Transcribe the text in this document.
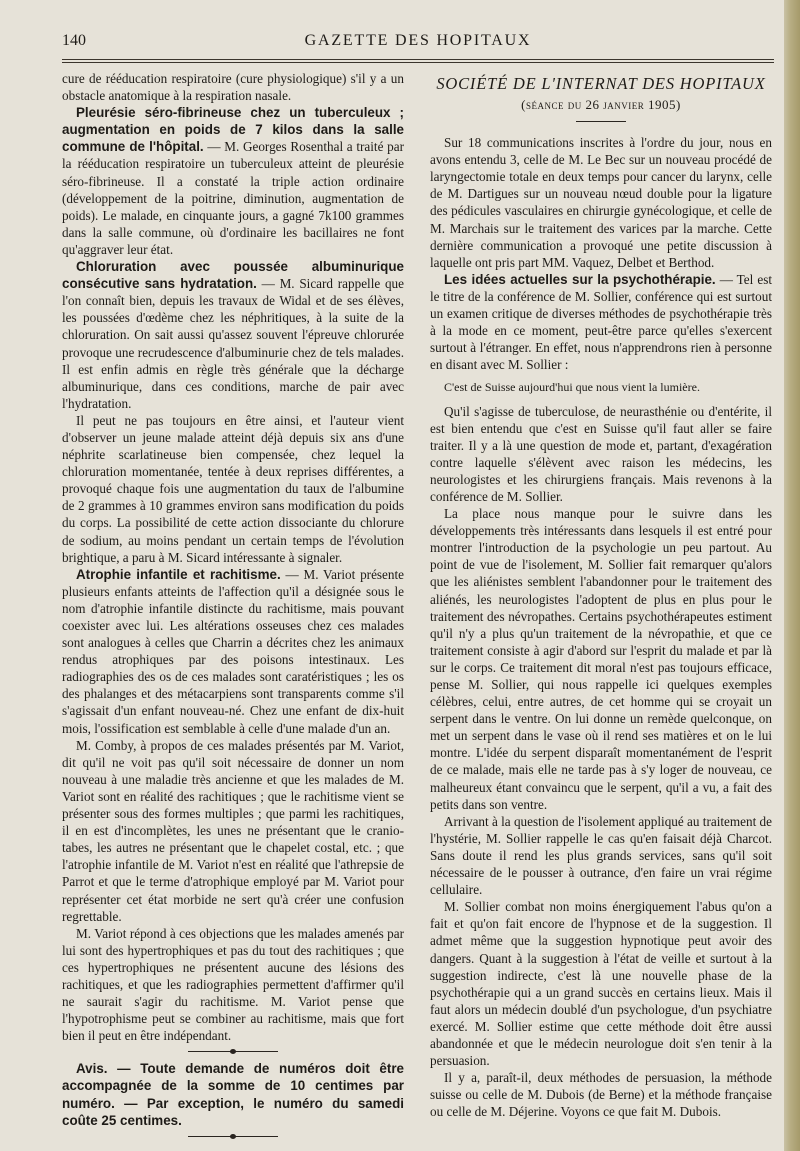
140	GAZETTE DES HOPITAUX

cure de rééducation respiratoire (cure physiologique) s'il y a un obstacle anatomique à la respiration nasale.

Pleurésie séro-fibrineuse chez un tuberculeux ; augmentation en poids de 7 kilos dans la salle commune de l'hôpital. — M. Georges Rosenthal a traité par la rééducation respiratoire un tuberculeux atteint de pleurésie séro-fibrineuse. Il a constaté la triple action ordinaire (développement de la poitrine, diminution, augmentation de poids). Le malade, en cinquante jours, a gagné 7k100 grammes dans la salle commune, où d'ordinaire les bacillaires ne font qu'aggraver leur état.

Chloruration avec poussée albuminurique consécutive sans hydratation. — M. Sicard rappelle que l'on connaît bien, depuis les travaux de Widal et de ses élèves, les poussées d'œdème chez les néphritiques, à la suite de la chloruration. On sait aussi qu'assez souvent l'épreuve chlorurée provoque une recrudescence d'albuminurie chez de tels malades. Il est enfin admis en règle très générale que la décharge albuminurique, dans ces conditions, marche de pair avec l'hydratation.

Il peut ne pas toujours en être ainsi, et l'auteur vient d'observer un jeune malade atteint déjà depuis six ans d'une néphrite scarlatineuse bien compensée, chez lequel la chloruration momentanée, tentée à deux reprises différentes, a provoqué chaque fois une augmentation du taux de l'albumine de 2 grammes à 10 grammes environ sans modification du poids du corps. La possibilité de cette action dissociante du chlorure de sodium, au moins pendant un certain temps de l'évolution brightique, a paru à M. Sicard intéressante à signaler.

Atrophie infantile et rachitisme. — M. Variot présente plusieurs enfants atteints de l'affection qu'il a désignée sous le nom d'atrophie infantile distincte du rachitisme, mais pouvant coexister avec lui. Les altérations osseuses chez ces malades sont analogues à celles que Charrin a décrites chez les animaux rendus atrophiques par des poisons intestinaux. Les radiographies des os de ces malades sont caratéristiques ; les os des phalanges et des métacarpiens sont transparents comme s'il s'agissait d'un enfant nouveau-né. Chez une enfant de dix-huit mois, l'ossification est semblable à celle d'une malade d'un an.

M. Comby, à propos de ces malades présentés par M. Variot, dit qu'il ne voit pas qu'il soit nécessaire de donner un nom nouveau à une maladie très ancienne et que les malades de M. Variot sont en réalité des rachitiques ; que le rachitisme vient se présenter sous des formes multiples ; que parmi les rachitiques, il en est d'incomplètes, les unes ne présentant que le cranio-tabes, les autres ne présentant que le chapelet costal, etc. ; que l'atrophie infantile de M. Variot n'est en réalité que l'athrepsie de Parrot et que le terme d'atrophique employé par M. Variot pour représenter cet état morbide ne sert qu'à créer une confusion regrettable.

M. Variot répond à ces objections que les malades amenés par lui sont des hypertrophiques et pas du tout des rachitiques ; que ces hypertrophiques ne présentent aucune des lésions des rachitiques, et que les radiographies permettent d'affirmer qu'il ne saurait s'agir du rachitisme. M. Variot pense que l'hypotrophisme peut se combiner au rachitisme, mais que fort bien il peut en être indépendant.

Avis. — Toute demande de numéros doit être accompagnée de la somme de 10 centimes par numéro. — Par exception, le numéro du samedi coûte 25 centimes.

SOCIÉTÉ DE L'INTERNAT DES HOPITAUX
(séance du 26 janvier 1905)

Sur 18 communications inscrites à l'ordre du jour, nous en avons entendu 3, celle de M. Le Bec sur un nouveau procédé de laryngectomie totale en deux temps pour cancer du larynx, celle de M. Dartigues sur un nouveau nœud double pour la ligature des pédicules vasculaires en chirurgie gynécologique, et celle de M. Marchais sur le traitement des varices par la marche. Cette dernière communication a provoqué une petite discussion à laquelle ont pris part MM. Vaquez, Delbet et Berthod.

Les idées actuelles sur la psychothérapie. — Tel est le titre de la conférence de M. Sollier, conférence qui est surtout un examen critique de diverses méthodes de psychothérapie très à la mode en ce moment, peut-être parce qu'elles s'exercent surtout à l'étranger. En effet, nous n'apprendrons rien à personne en disant avec M. Sollier :

C'est de Suisse aujourd'hui que nous vient la lumière.

Qu'il s'agisse de tuberculose, de neurasthénie ou d'entérite, il est bien entendu que c'est en Suisse qu'il faut aller se faire traiter. Il y a là une question de mode et, partant, d'exagération contre laquelle s'élèvent avec raison les médecins, les neurologistes et les chirurgiens français. Mais revenons à la conférence de M. Sollier.

La place nous manque pour le suivre dans les développements très intéressants dans lesquels il est entré pour montrer l'introduction de la psychologie un peu partout. Au point de vue de l'isolement, M. Sollier fait remarquer qu'alors que les aliénistes semblent l'abandonner pour le traitement des aliénés, les neurologistes l'adoptent de plus en plus pour le traitement des névropathes. Certains psychothérapeutes estiment qu'il n'y a plus qu'un traitement de la névropathie, et que ce traitement consiste à agir d'abord sur l'esprit du malade et par là sur le corps. Ce traitement dit moral n'est pas toujours efficace, pense M. Sollier, qui nous rappelle ici quelques exemples célèbres, celui, entre autres, de cet homme qui se croyait un serpent dans le ventre. On lui donne un remède quelconque, on met un serpent dans le vase où il rend ses matières et on le lui montre. L'idée du serpent disparaît momentanément de l'esprit de ce malade, mais elle ne tarde pas à s'y loger de nouveau, ce malheureux étant convaincu que le serpent, qu'il a vu, a fait des petits dans son ventre.

Arrivant à la question de l'isolement appliqué au traitement de l'hystérie, M. Sollier rappelle le cas qu'en faisait déjà Charcot. Sans doute il rend les plus grands services, sans qu'il soit nécessaire de le pousser à outrance, d'en faire un vrai régime cellulaire.

M. Sollier combat non moins énergiquement l'abus qu'on a fait et qu'on fait encore de l'hypnose et de la suggestion. Il admet même que la suggestion hypnotique peut avoir des dangers. Quant à la suggestion à l'état de veille et surtout à la suggestion indirecte, c'est là une nouvelle phase de la psychothérapie qui a un grand succès en certains lieux. Mais il faut alors un médecin doublé d'un psychologue, d'un psychiatre exercé. M. Sollier estime que cette méthode doit être aussi abandonnée et que le médecin neurologue doit s'en tenir à la persuasion.

Il y a, paraît-il, deux méthodes de persuasion, la méthode suisse ou celle de M. Dubois (de Berne) et la méthode française ou celle de M. Déjerine. Voyons ce que fait M. Dubois.
